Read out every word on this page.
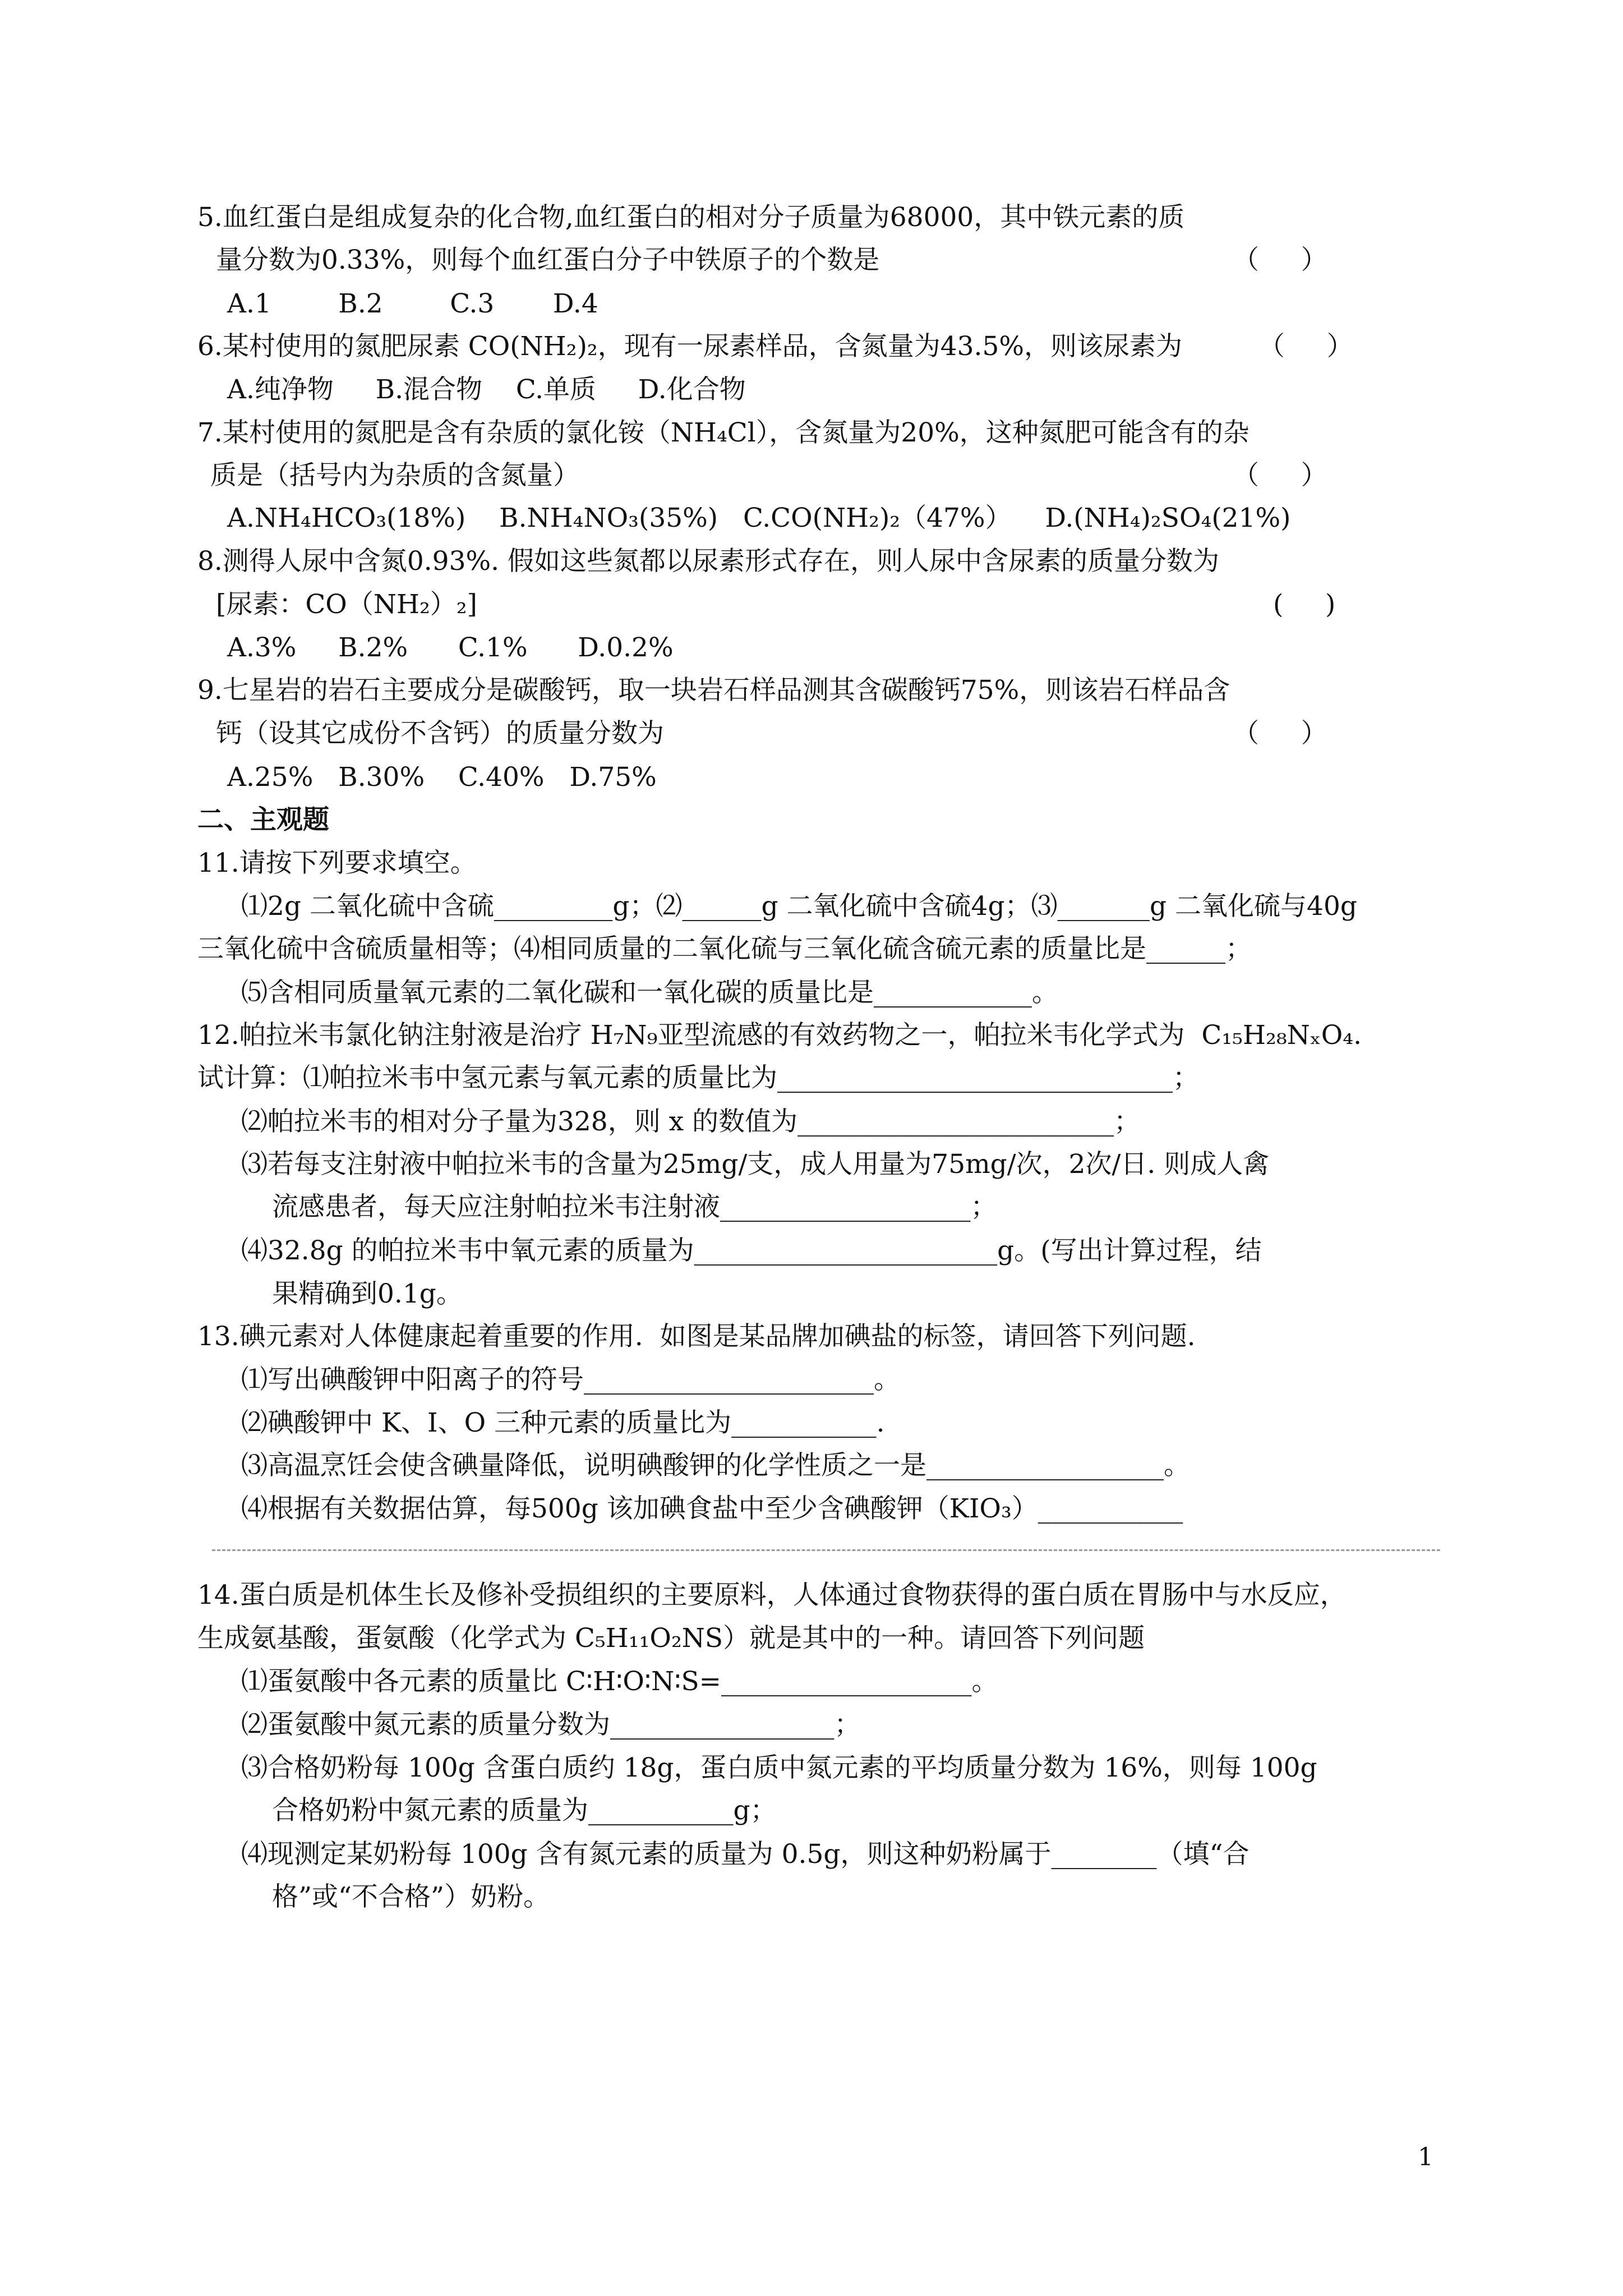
5.血红蛋白是组成复杂的化合物,血红蛋白的相对分子质量为68000，其中铁元素的质
量分数为0.33%，则每个血红蛋白分子中铁原子的个数是	（     ）
A.1        B.2        C.3       D.4
6.某村使用的氮肥尿素 CO(NH₂)₂，现有一尿素样品，含氮量为43.5%，则该尿素为	（     ）
A.纯净物     B.混合物    C.单质     D.化合物
7.某村使用的氮肥是含有杂质的氯化铵（NH₄Cl），含氮量为20%，这种氮肥可能含有的杂
质是（括号内为杂质的含氮量）	（     ）
A.NH₄HCO₃(18%)    B.NH₄NO₃(35%)   C.CO(NH₂)₂（47%）    D.(NH₄)₂SO₄(21%)
8.测得人尿中含氮0.93%. 假如这些氮都以尿素形式存在，则人尿中含尿素的质量分数为
[尿素：CO（NH₂）₂]	(     )
A.3%     B.2%      C.1%      D.0.2%
9.七星岩的岩石主要成分是碳酸钙，取一块岩石样品测其含碳酸钙75%，则该岩石样品含
钙（设其它成份不含钙）的质量分数为	（     ）
A.25%   B.30%    C.40%   D.75%
二、主观题
11.请按下列要求填空。
⑴2g 二氧化硫中含硫_________g；⑵______g 二氧化硫中含硫4g；⑶_______g 二氧化硫与40g
三氧化硫中含硫质量相等；⑷相同质量的二氧化硫与三氧化硫含硫元素的质量比是______；
⑸含相同质量氧元素的二氧化碳和一氧化碳的质量比是____________。
12.帕拉米韦氯化钠注射液是治疗 H₇N₉亚型流感的有效药物之一，帕拉米韦化学式为  C₁₅H₂₈NₓO₄.
试计算：⑴帕拉米韦中氢元素与氧元素的质量比为______________________________；
⑵帕拉米韦的相对分子量为328，则 x 的数值为________________________；
⑶若每支注射液中帕拉米韦的含量为25mg/支，成人用量为75mg/次，2次/日. 则成人禽
流感患者，每天应注射帕拉米韦注射液___________________；
⑷32.8g 的帕拉米韦中氧元素的质量为_______________________g。(写出计算过程，结
果精确到0.1g。
13.碘元素对人体健康起着重要的作用.  如图是某品牌加碘盐的标签，请回答下列问题.
⑴写出碘酸钾中阳离子的符号______________________。
⑵碘酸钾中 K、I、O 三种元素的质量比为___________.
⑶高温烹饪会使含碘量降低，说明碘酸钾的化学性质之一是__________________。
⑷根据有关数据估算，每500g 该加碘食盐中至少含碘酸钾（KIO₃）___________
14.蛋白质是机体生长及修补受损组织的主要原料，人体通过食物获得的蛋白质在胃肠中与水反应，
生成氨基酸，蛋氨酸（化学式为 C₅H₁₁O₂NS）就是其中的一种。请回答下列问题
⑴蛋氨酸中各元素的质量比 C∶H∶O∶N∶S=___________________。
⑵蛋氨酸中氮元素的质量分数为_________________；
⑶合格奶粉每 100g 含蛋白质约 18g，蛋白质中氮元素的平均质量分数为 16%，则每 100g
合格奶粉中氮元素的质量为___________g；
⑷现测定某奶粉每 100g 含有氮元素的质量为 0.5g，则这种奶粉属于________（填“合
格”或“不合格”）奶粉。
1
